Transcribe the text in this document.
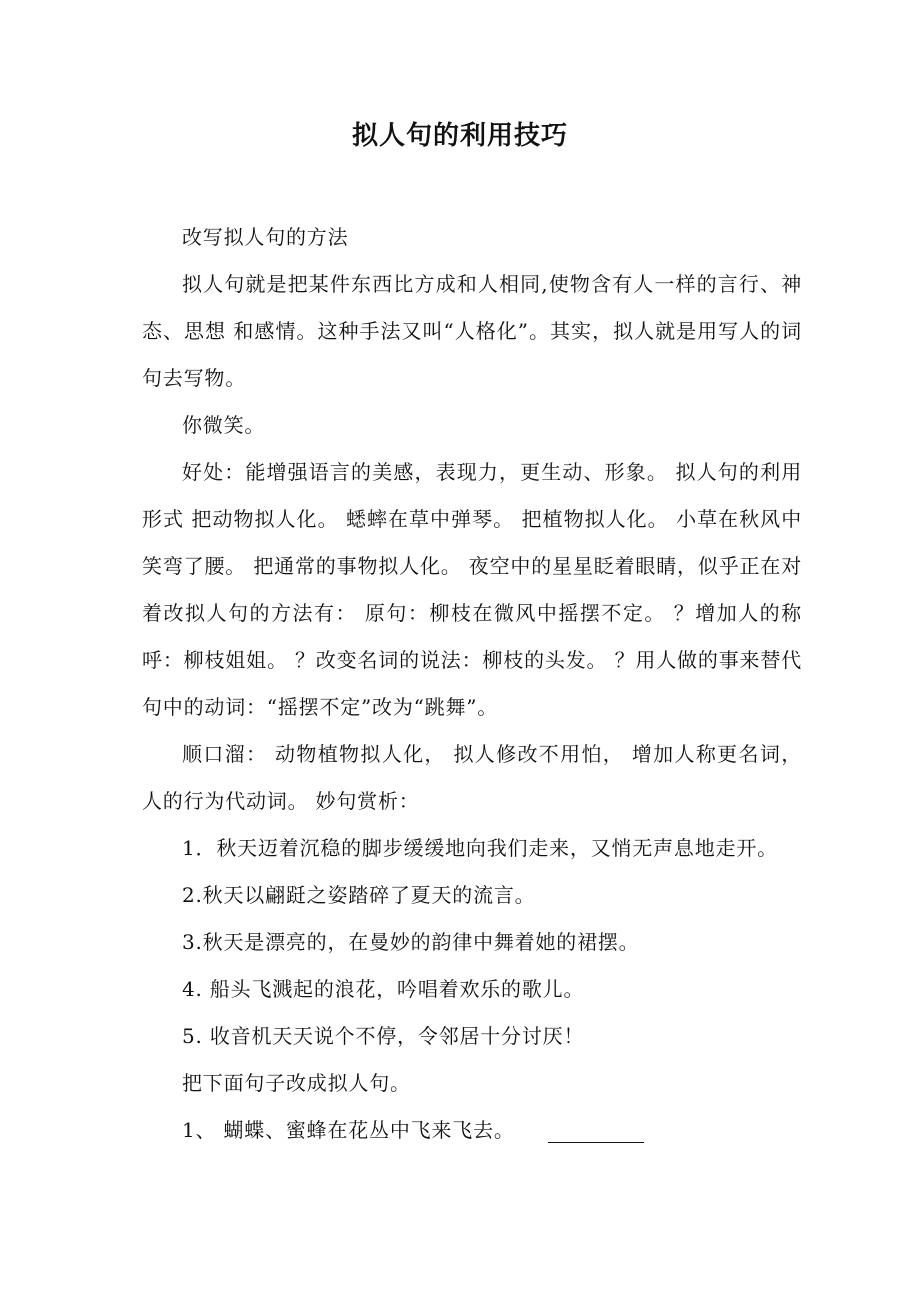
拟人句的利用技巧

改写拟人句的方法

拟人句就是把某件东西比方成和人相同,使物含有人一样的言行、神态、思想 和感情。这种手法又叫“人格化”。其实，拟人就是用写人的词句去写物。

你微笑。

好处：能增强语言的美感，表现力，更生动、形象。 拟人句的利用形式 把动物拟人化。 蟋蟀在草中弹琴。 把植物拟人化。 小草在秋风中笑弯了腰。 把通常的事物拟人化。 夜空中的星星眨着眼睛，似乎正在对着改拟人句的方法有： 原句：柳枝在微风中摇摆不定。 ？增加人的称呼：柳枝姐姐。 ？改变名词的说法：柳枝的头发。 ？用人做的事来替代句中的动词：“摇摆不定”改为“跳舞”。

顺口溜： 动物植物拟人化， 拟人修改不用怕， 增加人称更名词， 人的行为代动词。 妙句赏析：

1．秋天迈着沉稳的脚步缓缓地向我们走来，又悄无声息地走开。

2.秋天以翩跹之姿踏碎了夏天的流言。

3.秋天是漂亮的，在曼妙的韵律中舞着她的裙摆。

4. 船头飞溅起的浪花，吟唱着欢乐的歌儿。

5. 收音机天天说个不停，令邻居十分讨厌！

把下面句子改成拟人句。

1、 蝴蝶、蜜蜂在花丛中飞来飞去。
